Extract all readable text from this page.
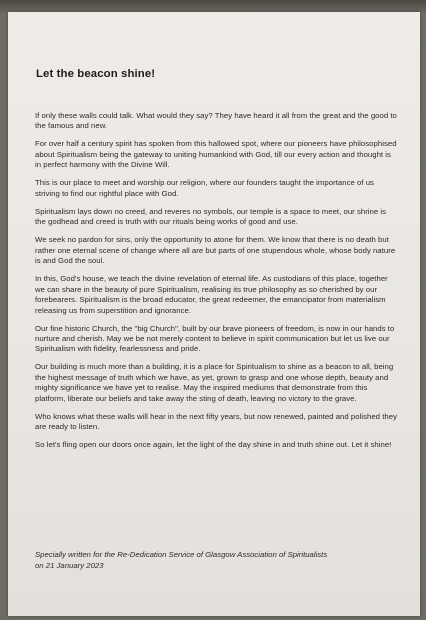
Let the beacon shine!

If only these walls could talk. What would they say? They have heard it all from the great and the good to the famous and new.

For over half a century spirit has spoken from this hallowed spot, where our pioneers have philosophised about Spiritualism being the gateway to uniting humankind with God, till our every action and thought is in perfect harmony with the Divine Will.

This is our place to meet and worship our religion, where our founders taught the importance of us striving to find our rightful place with God.

Spiritualism lays down no creed, and reveres no symbols, our temple is a space to meet, our shrine is the godhead and creed is truth with our rituals being works of good and use.

We seek no pardon for sins, only the opportunity to atone for them. We know that there is no death but rather one eternal scene of change where all are but parts of one stupendous whole, whose body nature is and God the soul.

In this, God's house, we teach the divine revelation of eternal life. As custodians of this place, together we can share in the beauty of pure Spiritualism, realising its true philosophy as so cherished by our forebearers. Spiritualism is the broad educator, the great redeemer, the emancipator from materialism releasing us from superstition and ignorance.

Our fine historic Church, the "big Church", built by our brave pioneers of freedom, is now in our hands to nurture and cherish. May we be not merely content to believe in spirit communication but let us live our Spiritualism with fidelity, fearlessness and pride.

Our building is much more than a building, it is a place for Spiritualism to shine as a beacon to all, being the highest message of truth which we have, as yet, grown to grasp and one whose depth, beauty and mighty significance we have yet to realise. May the inspired mediums that demonstrate from this platform, liberate our beliefs and take away the sting of death, leaving no victory to the grave.

Who knows what these walls will hear in the next fifty years, but now renewed, painted and polished they are ready to listen.

So let's fling open our doors once again, let the light of the day shine in and truth shine out. Let it shine!

Specially written for the Re-Dedication Service of Glasgow Association of Spiritualists
on 21 January 2023
